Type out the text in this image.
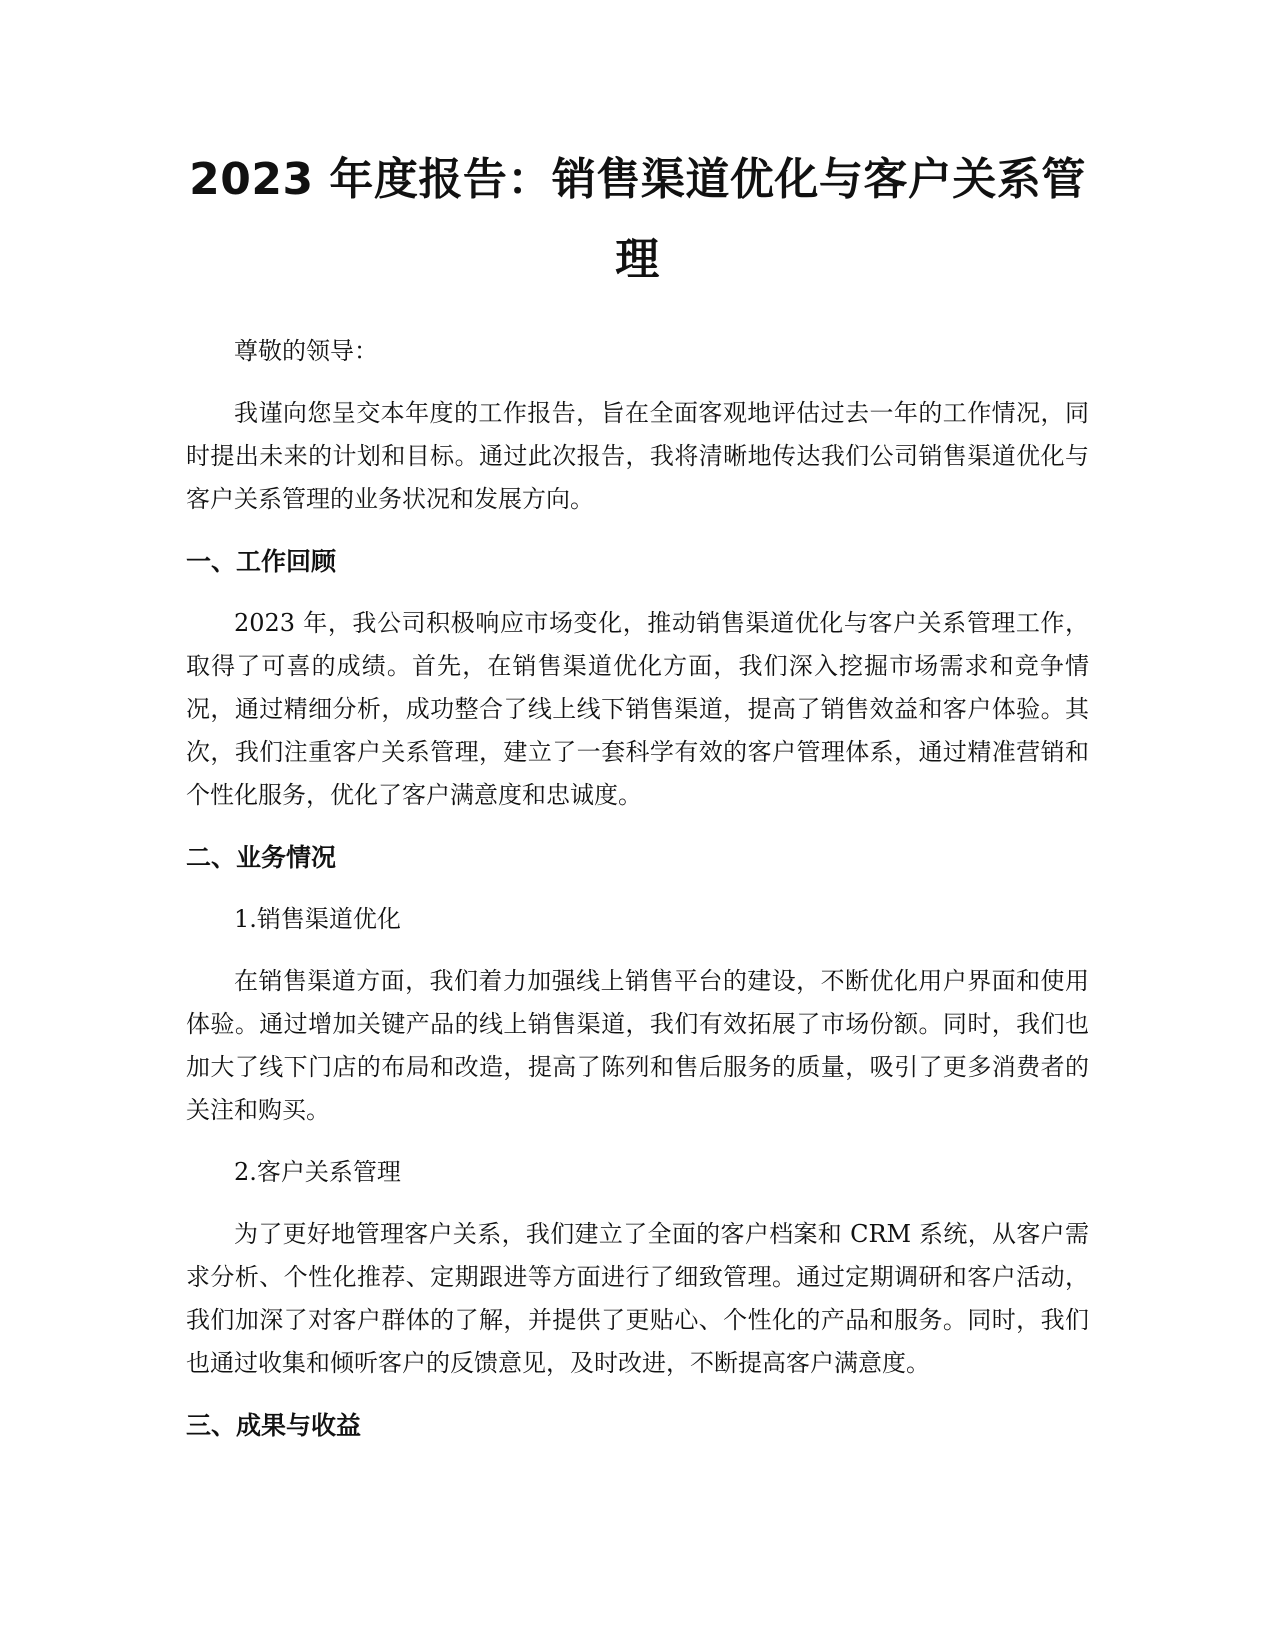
2023 年度报告：销售渠道优化与客户关系管理

尊敬的领导：

我谨向您呈交本年度的工作报告，旨在全面客观地评估过去一年的工作情况，同时提出未来的计划和目标。通过此次报告，我将清晰地传达我们公司销售渠道优化与客户关系管理的业务状况和发展方向。

一、工作回顾

2023 年，我公司积极响应市场变化，推动销售渠道优化与客户关系管理工作，取得了可喜的成绩。首先，在销售渠道优化方面，我们深入挖掘市场需求和竞争情况，通过精细分析，成功整合了线上线下销售渠道，提高了销售效益和客户体验。其次，我们注重客户关系管理，建立了一套科学有效的客户管理体系，通过精准营销和个性化服务，优化了客户满意度和忠诚度。

二、业务情况

1.销售渠道优化

在销售渠道方面，我们着力加强线上销售平台的建设，不断优化用户界面和使用体验。通过增加关键产品的线上销售渠道，我们有效拓展了市场份额。同时，我们也加大了线下门店的布局和改造，提高了陈列和售后服务的质量，吸引了更多消费者的关注和购买。

2.客户关系管理

为了更好地管理客户关系，我们建立了全面的客户档案和 CRM 系统，从客户需求分析、个性化推荐、定期跟进等方面进行了细致管理。通过定期调研和客户活动，我们加深了对客户群体的了解，并提供了更贴心、个性化的产品和服务。同时，我们也通过收集和倾听客户的反馈意见，及时改进，不断提高客户满意度。

三、成果与收益
